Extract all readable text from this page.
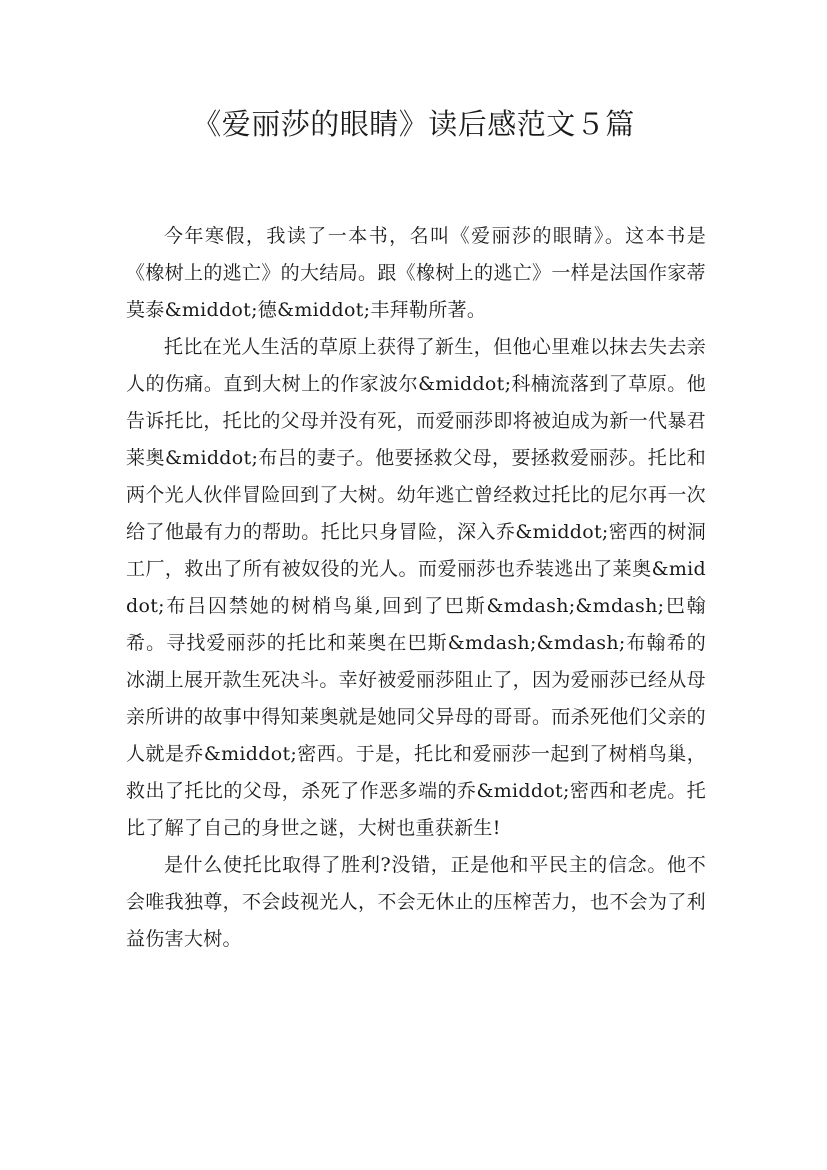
《爱丽莎的眼睛》读后感范文５篇

今年寒假，我读了一本书，名叫《爱丽莎的眼睛》。这本书是《橡树上的逃亡》的大结局。跟《橡树上的逃亡》一样是法国作家蒂莫泰&middot;德&middot;丰拜勒所著。

托比在光人生活的草原上获得了新生，但他心里难以抹去失去亲人的伤痛。直到大树上的作家波尔&middot;科楠流落到了草原。他告诉托比，托比的父母并没有死，而爱丽莎即将被迫成为新一代暴君莱奥&middot;布吕的妻子。他要拯救父母，要拯救爱丽莎。托比和两个光人伙伴冒险回到了大树。幼年逃亡曾经救过托比的尼尔再一次给了他最有力的帮助。托比只身冒险，深入乔&middot;密西的树洞工厂，救出了所有被奴役的光人。而爱丽莎也乔装逃出了莱奥&middot;布吕囚禁她的树梢鸟巢,回到了巴斯&mdash;&mdash;巴翰希。寻找爱丽莎的托比和莱奥在巴斯&mdash;&mdash;布翰希的冰湖上展开款生死决斗。幸好被爱丽莎阻止了，因为爱丽莎已经从母亲所讲的故事中得知莱奥就是她同父异母的哥哥。而杀死他们父亲的人就是乔&middot;密西。于是，托比和爱丽莎一起到了树梢鸟巢，救出了托比的父母，杀死了作恶多端的乔&middot;密西和老虎。托比了解了自己的身世之谜，大树也重获新生!

是什么使托比取得了胜利?没错，正是他和平民主的信念。他不会唯我独尊，不会歧视光人，不会无休止的压榨苦力，也不会为了利益伤害大树。
